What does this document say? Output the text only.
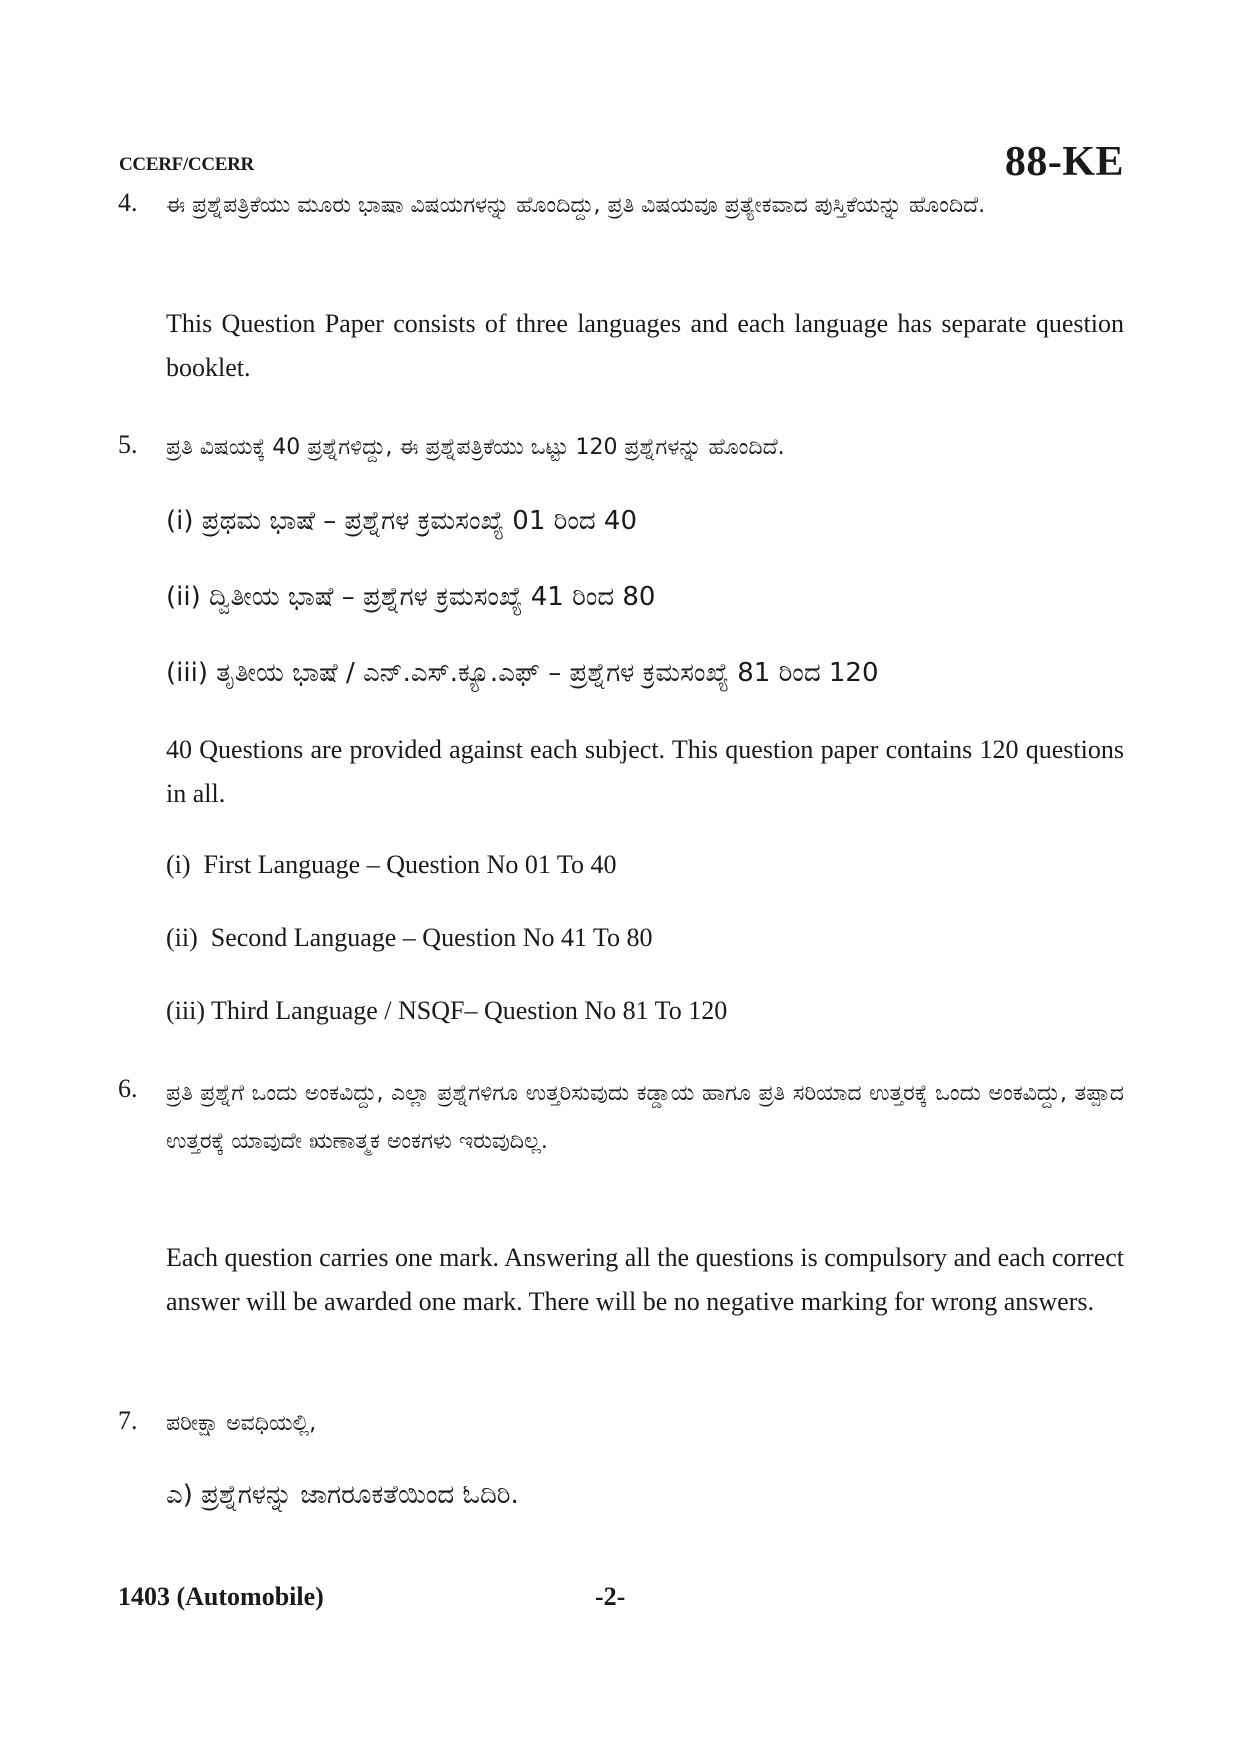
CCERF/CCERR	88-KE
4. ಈ ಪ್ರಶ್ನೆಪತ್ರಿಕೆಯು ಮೂರು ಭಾಷಾ ವಿಷಯಗಳನ್ನು ಹೊಂದಿದ್ದು, ಪ್ರತಿ ವಿಷಯವೂ ಪ್ರತ್ಯೇಕವಾದ ಪುಸ್ತಿಕೆಯನ್ನು ಹೊಂದಿದೆ.
This Question Paper consists of three languages and each language has separate question booklet.
5. ಪ್ರತಿ ವಿಷಯಕ್ಕೆ 40 ಪ್ರಶ್ನೆಗಳಿದ್ದು, ಈ ಪ್ರಶ್ನೆಪತ್ರಿಕೆಯು ಒಟ್ಟು 120 ಪ್ರಶ್ನೆಗಳನ್ನು ಹೊಂದಿದೆ.
(i) ಪ್ರಥಮ ಭಾಷೆ – ಪ್ರಶ್ನೆಗಳ ಕ್ರಮಸಂಖ್ಯೆ 01 ರಿಂದ 40
(ii) ದ್ವಿತೀಯ ಭಾಷೆ – ಪ್ರಶ್ನೆಗಳ ಕ್ರಮಸಂಖ್ಯೆ 41 ರಿಂದ 80
(iii) ತೃತೀಯ ಭಾಷೆ / ಎನ್.ಎಸ್.ಕ್ಯೂ.ಎಫ್ – ಪ್ರಶ್ನೆಗಳ ಕ್ರಮಸಂಖ್ಯೆ 81 ರಿಂದ 120
40 Questions are provided against each subject. This question paper contains 120 questions in all.
(i)  First Language – Question No 01 To 40
(ii)  Second Language – Question No 41 To 80
(iii) Third Language / NSQF– Question No 81 To 120
6. ಪ್ರತಿ ಪ್ರಶ್ನೆಗೆ ಒಂದು ಅಂಕವಿದ್ದು, ಎಲ್ಲಾ ಪ್ರಶ್ನೆಗಳಿಗೂ ಉತ್ತರಿಸುವುದು ಕಡ್ಡಾಯ ಹಾಗೂ ಪ್ರತಿ ಸರಿಯಾದ ಉತ್ತರಕ್ಕೆ ಒಂದು ಅಂಕವಿದ್ದು, ತಪ್ಪಾದ ಉತ್ತರಕ್ಕೆ ಯಾವುದೇ ಋಣಾತ್ಮಕ ಅಂಕಗಳು ಇರುವುದಿಲ್ಲ.
Each question carries one mark. Answering all the questions is compulsory and each correct answer will be awarded one mark. There will be no negative marking for wrong answers.
7. ಪರೀಕ್ಷಾ ಅವಧಿಯಲ್ಲಿ,
ಎ) ಪ್ರಶ್ನೆಗಳನ್ನು ಜಾಗರೂಕತೆಯಿಂದ ಓದಿರಿ.
1403 (Automobile)	-2-
